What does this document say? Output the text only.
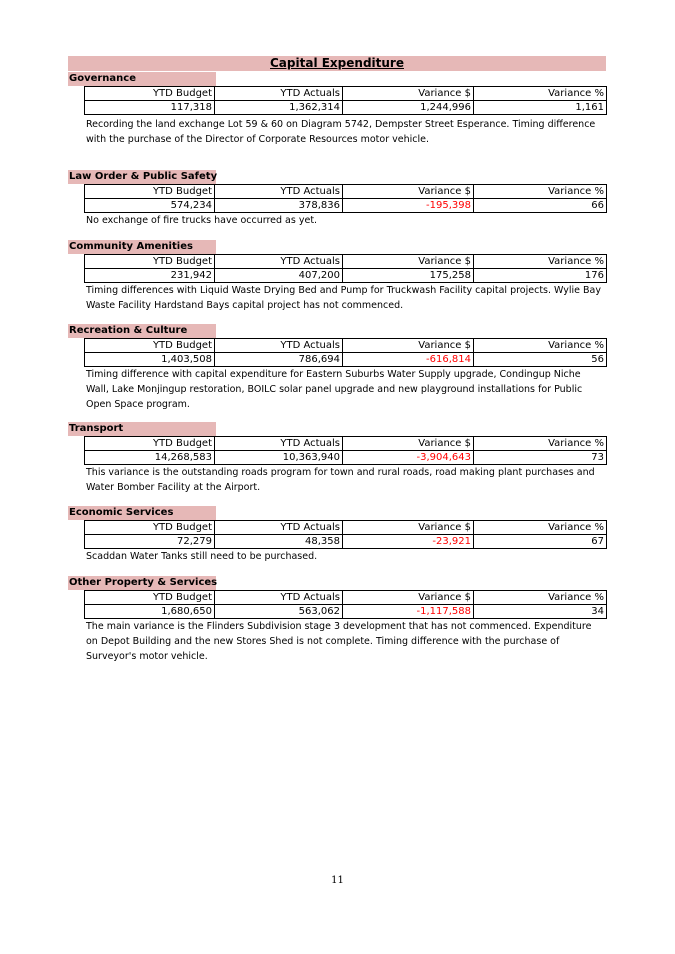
Capital Expenditure
Governance
YTD Budget	YTD Actuals	Variance $	Variance %
117,318	1,362,314	1,244,996	1,161
Recording the land exchange Lot 59 & 60 on Diagram 5742, Dempster Street Esperance. Timing difference with the purchase of the Director of Corporate Resources motor vehicle.
Law Order & Public Safety
YTD Budget	YTD Actuals	Variance $	Variance %
574,234	378,836	-195,398	66
No exchange of fire trucks have occurred as yet.
Community Amenities
YTD Budget	YTD Actuals	Variance $	Variance %
231,942	407,200	175,258	176
Timing differences with Liquid Waste Drying Bed and Pump for Truckwash Facility capital projects. Wylie Bay Waste Facility Hardstand Bays capital project has not commenced.
Recreation & Culture
YTD Budget	YTD Actuals	Variance $	Variance %
1,403,508	786,694	-616,814	56
Timing difference with capital expenditure for Eastern Suburbs Water Supply upgrade, Condingup Niche Wall, Lake Monjingup restoration, BOILC solar panel upgrade and new playground installations for Public Open Space program.
Transport
YTD Budget	YTD Actuals	Variance $	Variance %
14,268,583	10,363,940	-3,904,643	73
This variance is the outstanding roads program for town and rural roads, road making plant purchases and Water Bomber Facility at the Airport.
Economic Services
YTD Budget	YTD Actuals	Variance $	Variance %
72,279	48,358	-23,921	67
Scaddan Water Tanks still need to be purchased.
Other Property & Services
YTD Budget	YTD Actuals	Variance $	Variance %
1,680,650	563,062	-1,117,588	34
The main variance is the Flinders Subdivision stage 3 development that has not commenced. Expenditure on Depot Building and the new Stores Shed is not complete. Timing difference with the purchase of Surveyor's motor vehicle.
11
